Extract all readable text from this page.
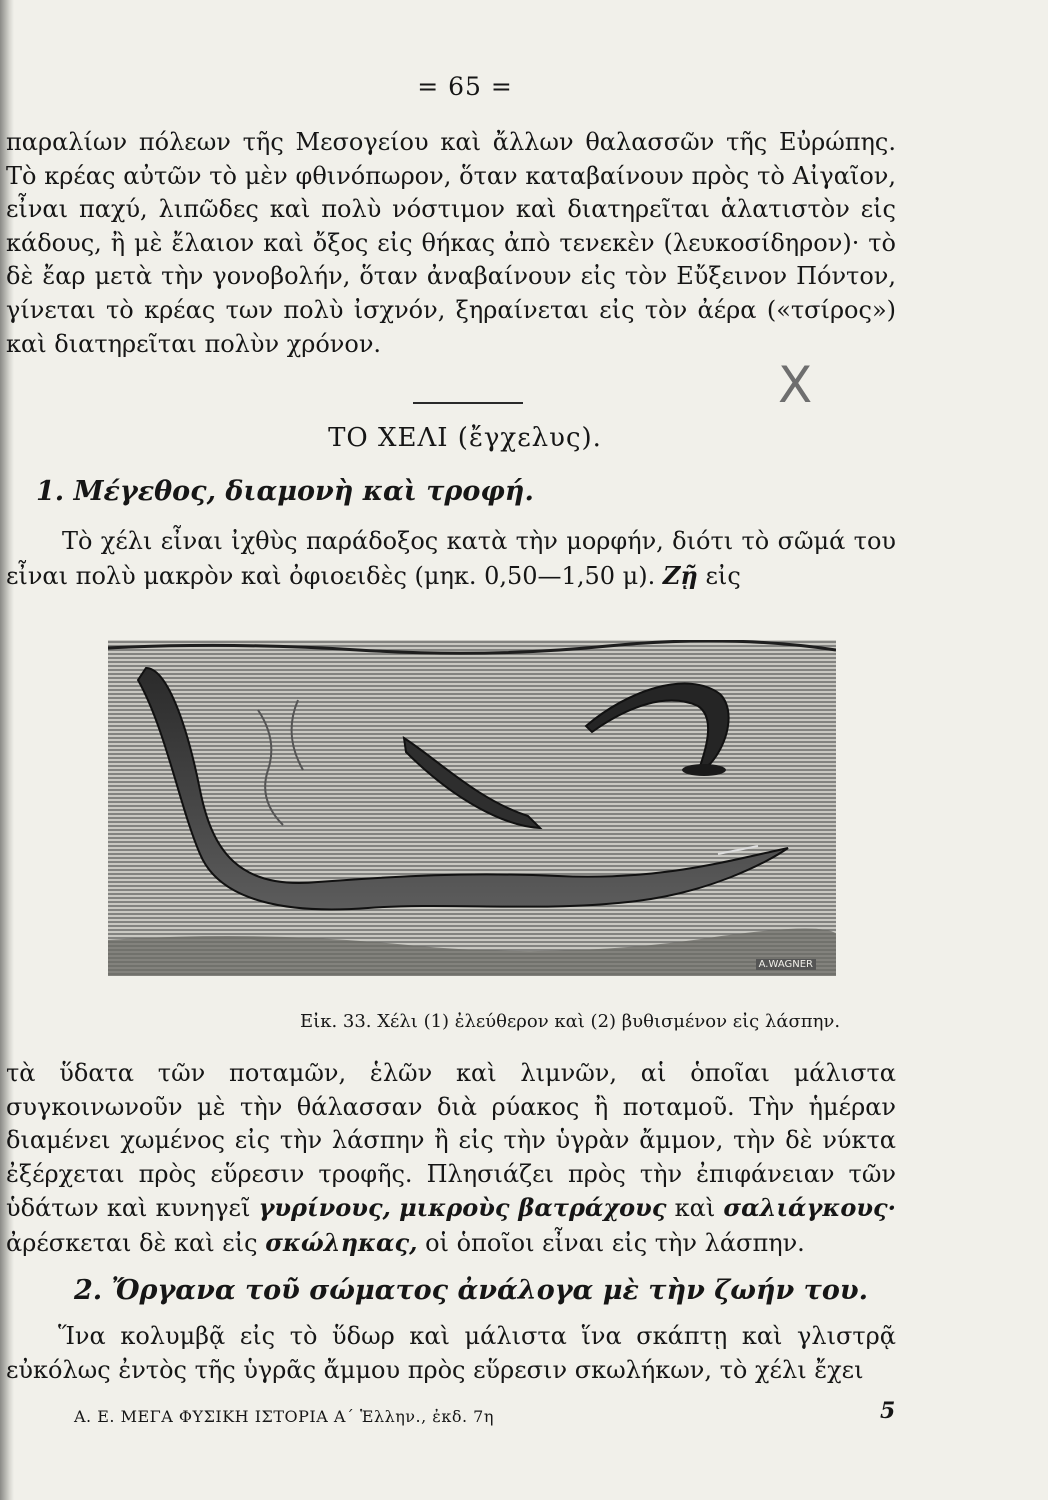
= 65 =

παραλίων πόλεων τῆς Μεσογείου καὶ ἄλλων θαλασσῶν τῆς Εὐρώπης. Τὸ κρέας αὐτῶν τὸ μὲν φθινόπωρον, ὅταν καταβαίνουν πρὸς τὸ Αἰγαῖον, εἶναι παχύ, λιπῶδες καὶ πολὺ νόστιμον καὶ διατηρεῖται ἁλατιστὸν εἰς κάδους, ἢ μὲ ἔλαιον καὶ ὄξος εἰς θήκας ἀπὸ τενεκὲν (λευκοσίδηρον)· τὸ δὲ ἔαρ μετὰ τὴν γονοβολήν, ὅταν ἀναβαίνουν εἰς τὸν Εὔξεινον Πόντον, γίνεται τὸ κρέας των πολὺ ἰσχνόν, ξηραίνεται εἰς τὸν ἀέρα («τσίρος») καὶ διατηρεῖται πολὺν χρόνον.

X
ΤΟ ΧΕΛΙ (ἔγχελυς).
1. Μέγεθος, διαμονὴ καὶ τροφή.

Τὸ χέλι εἶναι ἰχθὺς παράδοξος κατὰ τὴν μορφήν, διότι τὸ σῶμά του εἶναι πολὺ μακρὸν καὶ ὀφιοειδὲς (μηκ. 0,50—1,50 μ). Ζῇ εἰς

A.WAGNER
Εἰκ. 33. Χέλι (1) ἐλεύθερον καὶ (2) βυθισμένον εἰς λάσπην.

τὰ ὕδατα τῶν ποταμῶν, ἑλῶν καὶ λιμνῶν, αἱ ὁποῖαι μάλιστα συγκοινωνοῦν μὲ τὴν θάλασσαν διὰ ρύακος ἢ ποταμοῦ. Τὴν ἡμέραν διαμένει χωμένος εἰς τὴν λάσπην ἢ εἰς τὴν ὑγρὰν ἄμμον, τὴν δὲ νύκτα ἐξέρχεται πρὸς εὕρεσιν τροφῆς. Πλησιάζει πρὸς τὴν ἐπιφάνειαν τῶν ὑδάτων καὶ κυνηγεῖ γυρίνους, μικροὺς βατράχους καὶ σαλιάγκους· ἀρέσκεται δὲ καὶ εἰς σκώληκας, οἱ ὁποῖοι εἶναι εἰς τὴν λάσπην.

2. Ὄργανα τοῦ σώματος ἀνάλογα μὲ τὴν ζωήν του.

Ἵνα κολυμβᾷ εἰς τὸ ὕδωρ καὶ μάλιστα ἵνα σκάπτῃ καὶ γλιστρᾷ εὐκόλως ἐντὸς τῆς ὑγρᾶς ἄμμου πρὸς εὕρεσιν σκωλήκων, τὸ χέλι ἔχει

Α. Ε. ΜΕΓΑ ΦΥΣΙΚΗ ΙΣΤΟΡΙΑ Α΄ Ἑλλην., ἐκδ. 7η	5
